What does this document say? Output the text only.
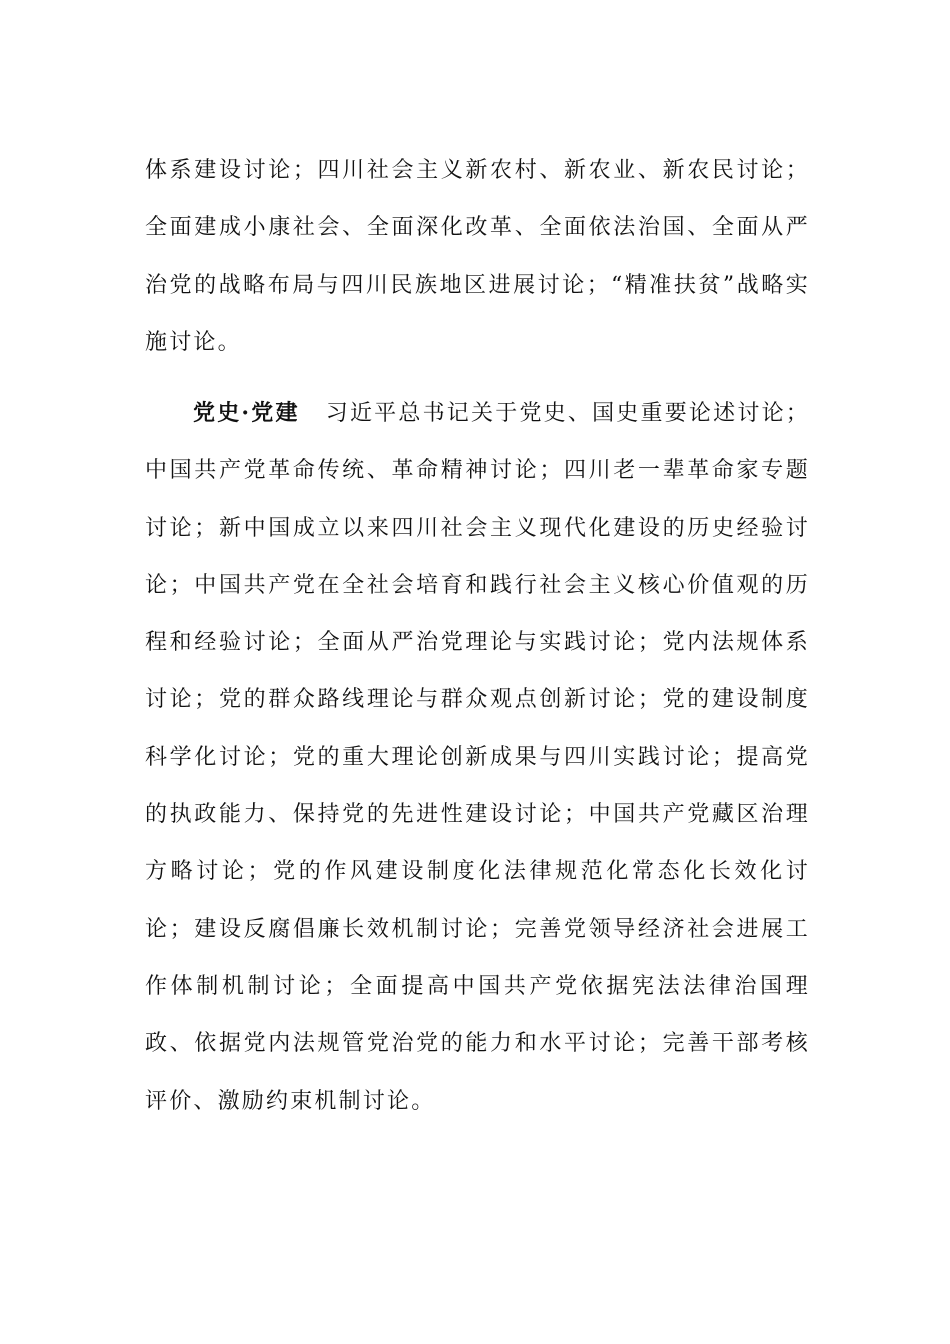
体系建设讨论；四川社会主义新农村、新农业、新农民讨论；全面建成小康社会、全面深化改革、全面依法治国、全面从严治党的战略布局与四川民族地区进展讨论；“精准扶贫”战略实施讨论。

党史·党建 习近平总书记关于党史、国史重要论述讨论；中国共产党革命传统、革命精神讨论；四川老一辈革命家专题讨论；新中国成立以来四川社会主义现代化建设的历史经验讨论；中国共产党在全社会培育和践行社会主义核心价值观的历程和经验讨论；全面从严治党理论与实践讨论；党内法规体系讨论；党的群众路线理论与群众观点创新讨论；党的建设制度科学化讨论；党的重大理论创新成果与四川实践讨论；提高党的执政能力、保持党的先进性建设讨论；中国共产党藏区治理方略讨论；党的作风建设制度化法律规范化常态化长效化讨论；建设反腐倡廉长效机制讨论；完善党领导经济社会进展工作体制机制讨论；全面提高中国共产党依据宪法法律治国理政、依据党内法规管党治党的能力和水平讨论；完善干部考核评价、激励约束机制讨论。
